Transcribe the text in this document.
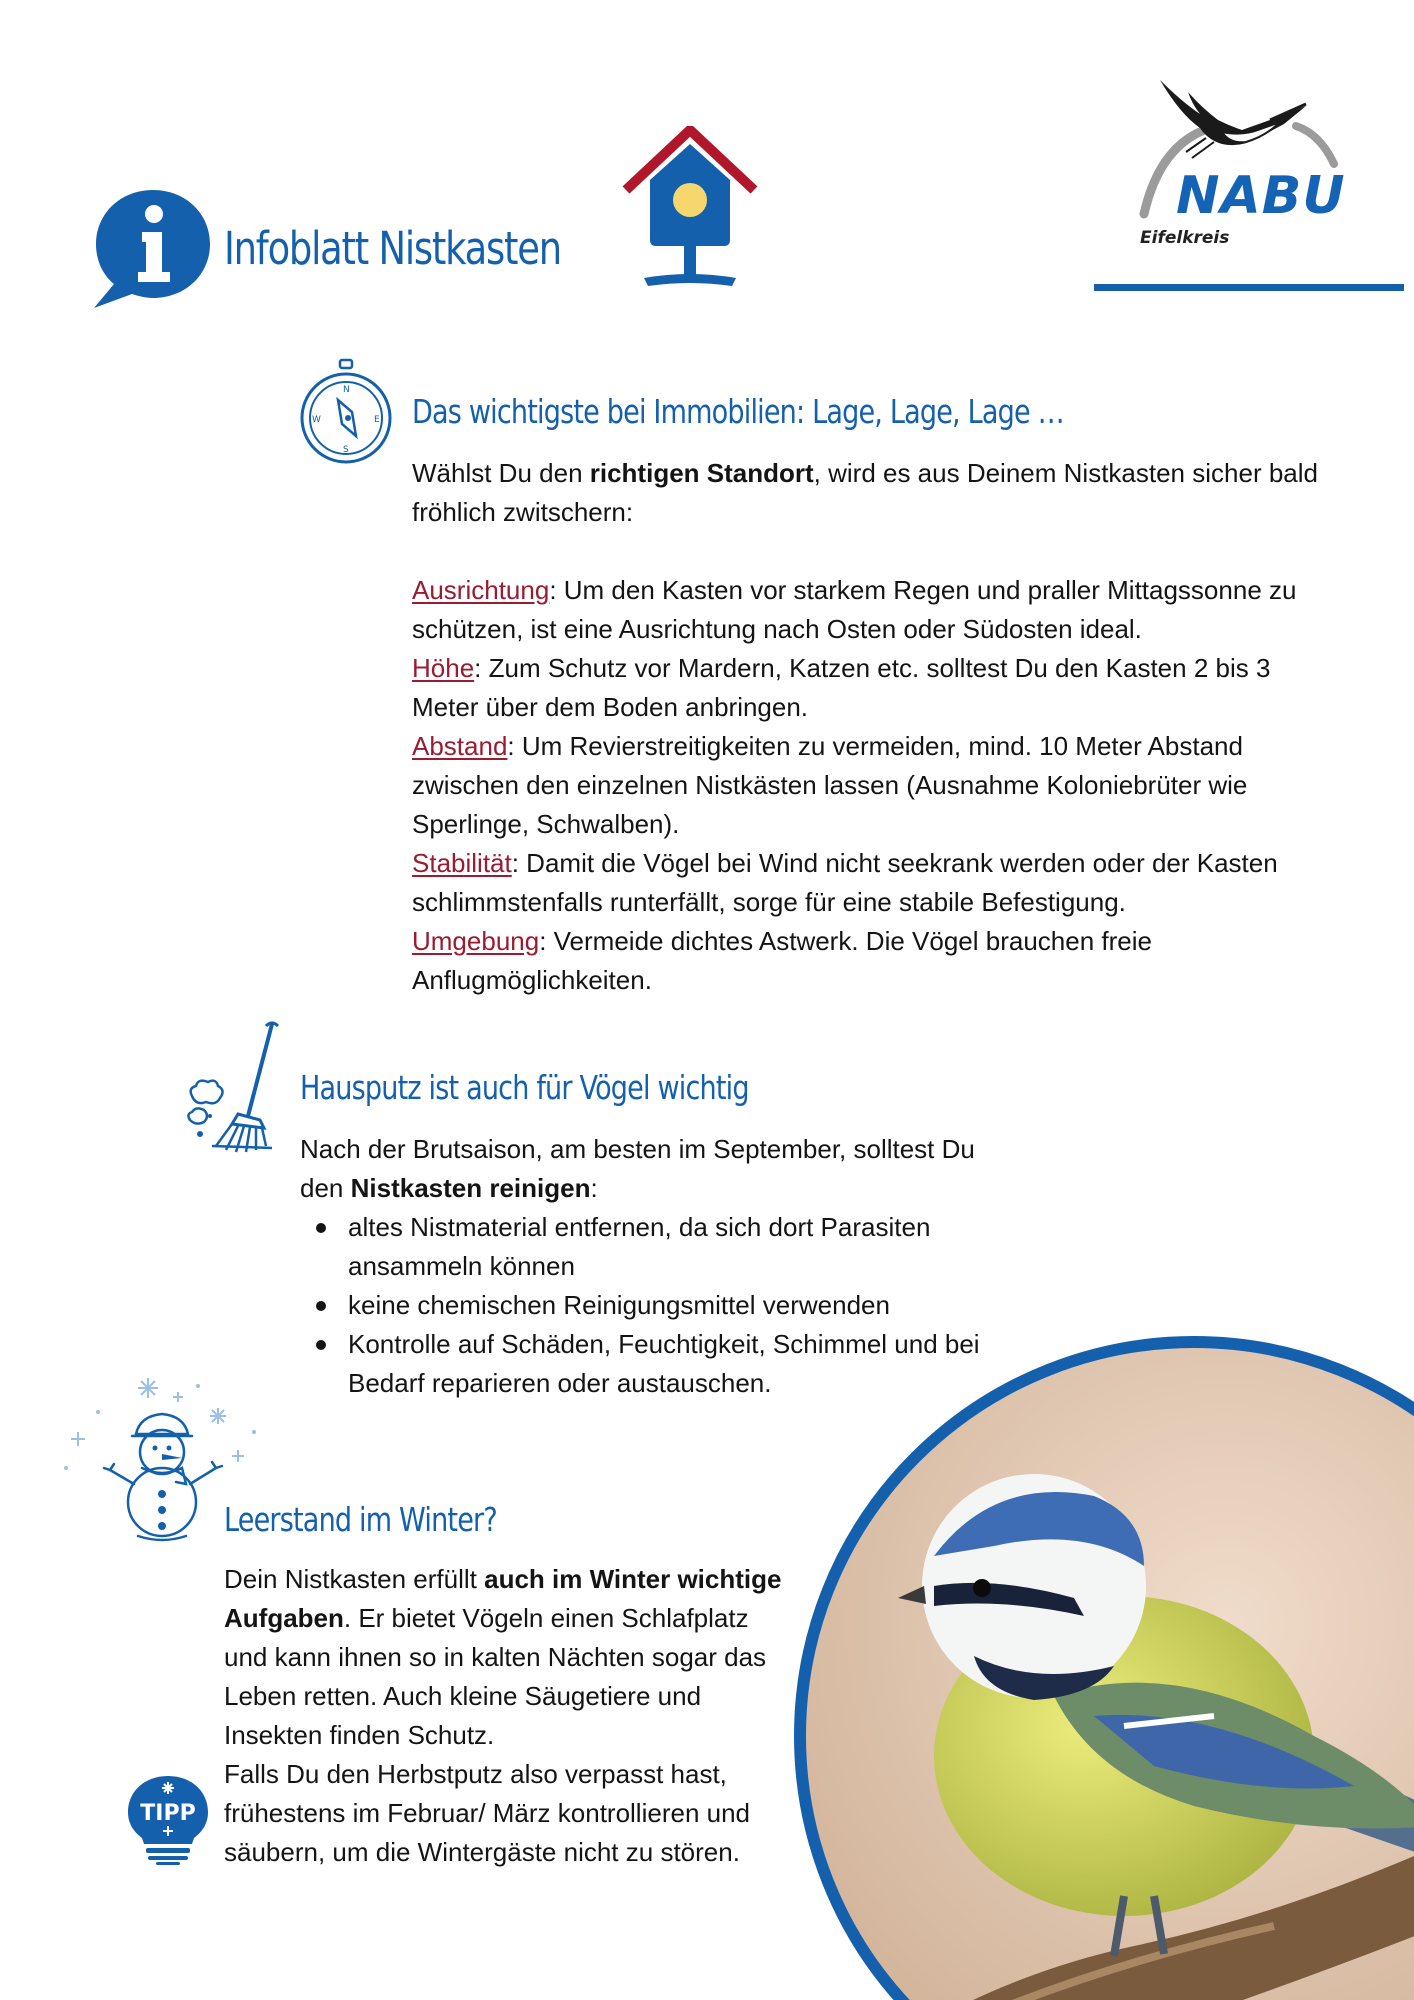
Infoblatt Nistkasten
NABU
Eifelkreis
N
S
W	E Das wichtigste bei Immobilien: Lage, Lage, Lage …

Wählst Du den richtigen Standort, wird es aus Deinem Nistkasten sicher bald fröhlich zwitschern:

Ausrichtung: Um den Kasten vor starkem Regen und praller Mittagssonne zu schützen, ist eine Ausrichtung nach Osten oder Südosten ideal.

Höhe: Zum Schutz vor Mardern, Katzen etc. solltest Du den Kasten 2 bis 3 Meter über dem Boden anbringen.

Abstand: Um Revierstreitigkeiten zu vermeiden, mind. 10 Meter Abstand zwischen den einzelnen Nistkästen lassen (Ausnahme Koloniebrüter wie Sperlinge, Schwalben).

Stabilität: Damit die Vögel bei Wind nicht seekrank werden oder der Kasten schlimmstenfalls runterfällt, sorge für eine stabile Befestigung.

Umgebung: Vermeide dichtes Astwerk. Die Vögel brauchen freie Anflugmöglichkeiten.

Hausputz ist auch für Vögel wichtig

Nach der Brutsaison, am besten im September, solltest Du den Nistkasten reinigen:

altes Nistmaterial entfernen, da sich dort Parasiten ansammeln können
keine chemischen Reinigungsmittel verwenden
Kontrolle auf Schäden, Feuchtigkeit, Schimmel und bei Bedarf reparieren oder austauschen.
Leerstand im Winter?

Dein Nistkasten erfüllt auch im Winter wichtige Aufgaben. Er bietet Vögeln einen Schlafplatz und kann ihnen so in kalten Nächten sogar das Leben retten. Auch kleine Säugetiere und Insekten finden Schutz.

Falls Du den Herbstputz also verpasst hast, frühestens im Februar/ März kontrollieren und säubern, um die Wintergäste nicht zu stören.

TIPP
